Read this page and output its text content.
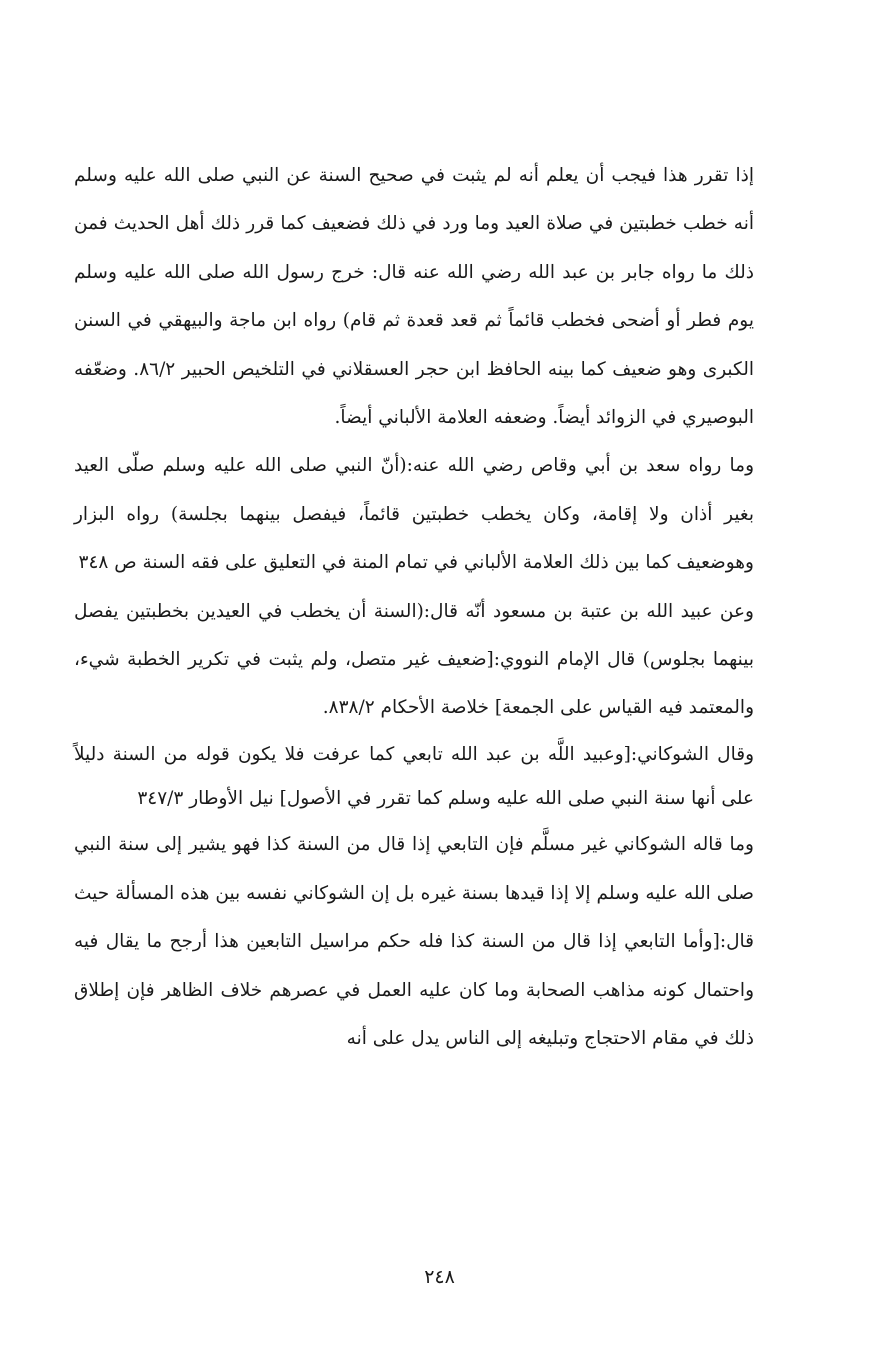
إذا تقرر هذا فيجب أن يعلم أنه لم يثبت في صحيح السنة عن النبي صلى الله عليه وسلم أنه خطب خطبتين في صلاة العيد وما ورد في ذلك فضعيف كما قرر ذلك أهل الحديث فمن ذلك ما رواه جابر بن عبد الله رضي الله عنه قال: خرج رسول الله صلى الله عليه وسلم يوم فطر أو أضحى فخطب قائماً ثم قعد قعدة ثم قام) رواه ابن ماجة والبيهقي في السنن الكبرى وهو ضعيف كما بينه الحافظ ابن حجر العسقلاني في التلخيص الحبير ٨٦/٢. وضعّفه البوصيري في الزوائد أيضاً. وضعفه العلامة الألباني أيضاً.

وما رواه سعد بن أبي وقاص رضي الله عنه:(أنّ النبي صلى الله عليه وسلم صلّى العيد بغير أذان ولا إقامة، وكان يخطب خطبتين قائماً، فيفصل بينهما بجلسة) رواه البزار وهوضعيف كما بين ذلك العلامة الألباني في تمام المنة في التعليق على فقه السنة ص ٣٤٨

وعن عبيد الله بن عتبة بن مسعود أنّه قال:(السنة أن يخطب في العيدين بخطبتين يفصل بينهما بجلوس) قال الإمام النووي:[ضعيف غير متصل، ولم يثبت في تكرير الخطبة شيء، والمعتمد فيه القياس على الجمعة] خلاصة الأحكام ٨٣٨/٢.

وقال الشوكاني:[وعبيد اللَّه بن عبد الله تابعي كما عرفت فلا يكون قوله من السنة دليلاً على أنها سنة النبي صلى الله عليه وسلم كما تقرر في الأصول] نيل الأوطار ٣٤٧/٣

وما قاله الشوكاني غير مسلَّم فإن التابعي إذا قال من السنة كذا فهو يشير إلى سنة النبي صلى الله عليه وسلم إلا إذا قيدها بسنة غيره بل إن الشوكاني نفسه بين هذه المسألة حيث قال:[وأما التابعي إذا قال من السنة كذا فله حكم مراسيل التابعين هذا أرجح ما يقال فيه واحتمال كونه مذاهب الصحابة وما كان عليه العمل في عصرهم خلاف الظاهر فإن إطلاق ذلك في مقام الاحتجاج وتبليغه إلى الناس يدل على أنه

٢٤٨
